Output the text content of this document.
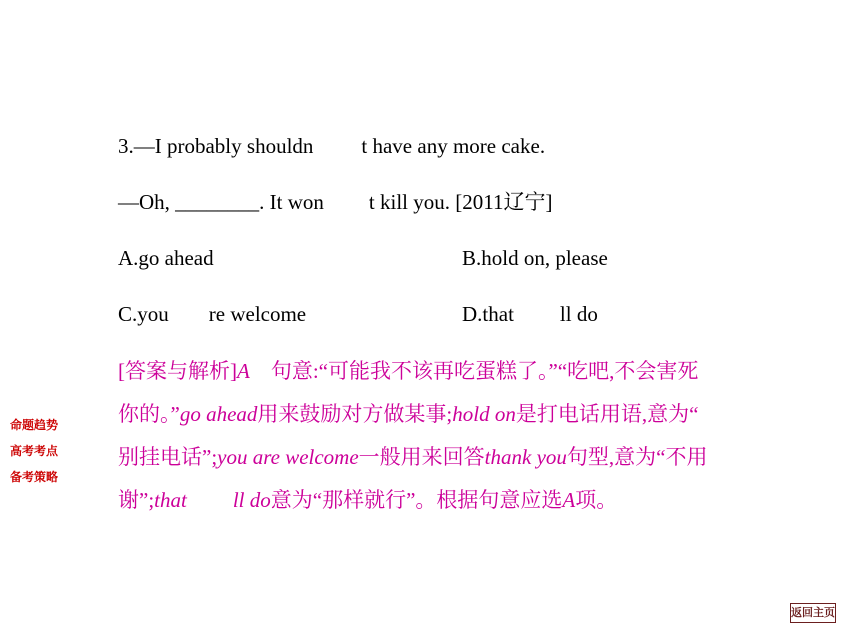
3.—I probably shouldn t have any more cake.
—Oh, ________. It won t kill you. [2011辽宁]
A.go ahead	B.hold on, please
C.you re welcome	D.that ll do
[答案与解析]A    句意:“可能我不该再吃蛋糕了。”“吃吧,不会害死
你的。”go ahead用来鼓励对方做某事;hold on是打电话用语,意为“
别挂电话”;you are welcome一般用来回答thank you句型,意为“不用
谢”;that ll do意为“那样就行”。根据句意应选A项。
命题趋势
高考考点
备考策略
返回主页
